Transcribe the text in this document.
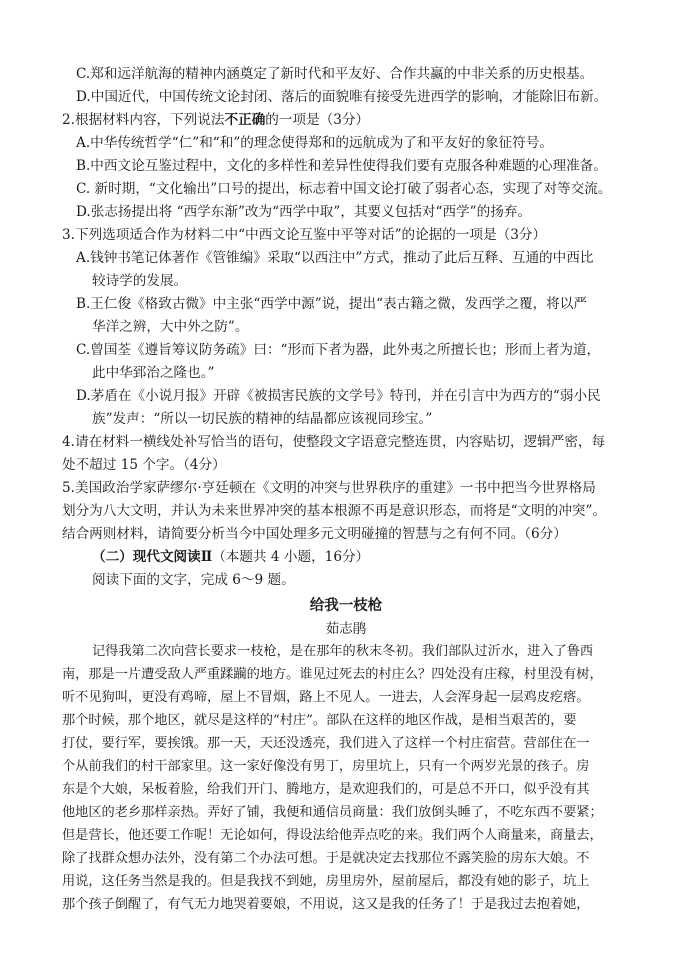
C.郑和远洋航海的精神内涵奠定了新时代和平友好、合作共赢的中非关系的历史根基。
D.中国近代，中国传统文论封闭、落后的面貌唯有接受先进西学的影响，才能除旧布新。
2.根据材料内容，下列说法不正确的一项是（3分）
A.中华传统哲学“仁”和“和”的理念使得郑和的远航成为了和平友好的象征符号。
B.中西文论互鉴过程中，文化的多样性和差异性使得我们要有克服各种难题的心理准备。
C. 新时期，“文化输出”口号的提出，标志着中国文论打破了弱者心态，实现了对等交流。
D.张志扬提出将 “西学东渐”改为“西学中取”，其要义包括对“西学”的扬弃。
3.下列选项适合作为材料二中“中西文论互鉴中平等对话”的论据的一项是（3分）
A.钱钟书笔记体著作《管锥编》采取“以西注中”方式，推动了此后互释、互通的中西比
较诗学的发展。
B.王仁俊《格致古微》中主张“西学中源”说，提出“表古籍之微，发西学之覆，将以严
华洋之辨，大中外之防”。
C.曾国荃《遵旨筹议防务疏》曰：“形而下者为器，此外夷之所擅长也；形而上者为道，
此中华郅治之隆也。”
D.茅盾在《小说月报》开辟《被损害民族的文学号》特刊，并在引言中为西方的“弱小民
族”发声：“所以一切民族的精神的结晶都应该视同珍宝。”
4.请在材料一横线处补写恰当的语句，使整段文字语意完整连贯，内容贴切，逻辑严密，每
处不超过 15 个字。（4分）
5.美国政治学家萨缪尔·亨廷顿在《文明的冲突与世界秩序的重建》一书中把当今世界格局
划分为八大文明，并认为未来世界冲突的基本根源不再是意识形态，而将是“文明的冲突”。
结合两则材料，请简要分析当今中国处理多元文明碰撞的智慧与之有何不同。（6分）
（二）现代文阅读Ⅱ（本题共 4 小题，16分）
阅读下面的文字，完成 6～9 题。
给我一枝枪
茹志鹃
记得我第二次向营长要求一枝枪，是在那年的秋末冬初。我们部队过沂水，进入了鲁西
南，那是一片遭受敌人严重蹂躏的地方。谁见过死去的村庄么？四处没有庄稼，村里没有树，
听不见狗叫，更没有鸡啼，屋上不冒烟，路上不见人。一进去，人会浑身起一层鸡皮疙瘩。
那个时候，那个地区，就尽是这样的“村庄”。部队在这样的地区作战，是相当艰苦的，要
打仗，要行军，要挨饿。那一天，天还没透亮，我们进入了这样一个村庄宿营。营部住在一
个从前我们的村干部家里。这一家好像没有男丁，房里坑上，只有一个两岁光景的孩子。房
东是个大娘，呆板着脸，给我们开门、腾地方，是欢迎我们的，可是总不开口，似乎没有其
他地区的老乡那样亲热。弄好了铺，我便和通信员商量：我们放倒头睡了，不吃东西不要紧；
但是营长，他还要工作呢！无论如何，得设法给他弄点吃的来。我们两个人商量来，商量去，
除了找群众想办法外，没有第二个办法可想。于是就决定去找那位不露笑脸的房东大娘。不
用说，这任务当然是我的。但是我找不到她，房里房外，屋前屋后，都没有她的影子，坑上
那个孩子倒醒了，有气无力地哭着要娘，不用说，这又是我的任务了！于是我过去抱着她，
